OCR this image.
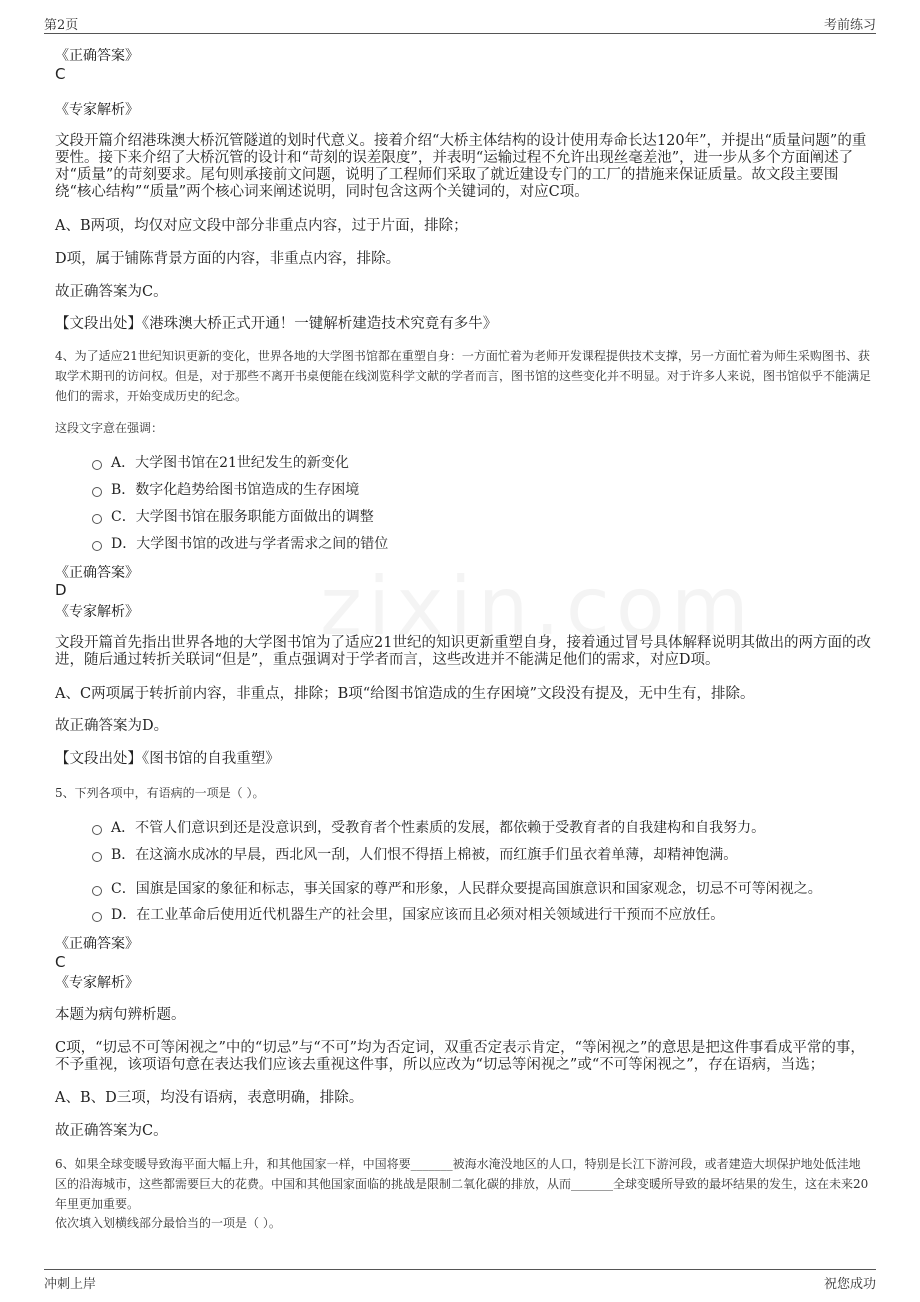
第2页	考前练习
《正确答案》
C
《专家解析》
文段开篇介绍港珠澳大桥沉管隧道的划时代意义。接着介绍“大桥主体结构的设计使用寿命长达120年”，并提出“质量问题”的重要性。接下来介绍了大桥沉管的设计和“苛刻的误差限度”，并表明“运输过程不允许出现丝毫差池”，进一步从多个方面阐述了对“质量”的苛刻要求。尾句则承接前文问题，说明了工程师们采取了就近建设专门的工厂的措施来保证质量。故文段主要围绕“核心结构”“质量”两个核心词来阐述说明，同时包含这两个关键词的，对应C项。
A、B两项，均仅对应文段中部分非重点内容，过于片面，排除；
D项，属于铺陈背景方面的内容，非重点内容，排除。
故正确答案为C。
【文段出处】《港珠澳大桥正式开通！一键解析建造技术究竟有多牛》
4、为了适应21世纪知识更新的变化，世界各地的大学图书馆都在重塑自身：一方面忙着为老师开发课程提供技术支撑，另一方面忙着为师生采购图书、获取学术期刊的访问权。但是，对于那些不离开书桌便能在线浏览科学文献的学者而言，图书馆的这些变化并不明显。对于许多人来说，图书馆似乎不能满足他们的需求，开始变成历史的纪念。
这段文字意在强调：
A．大学图书馆在21世纪发生的新变化
B．数字化趋势给图书馆造成的生存困境
C．大学图书馆在服务职能方面做出的调整
D．大学图书馆的改进与学者需求之间的错位
《正确答案》
D
《专家解析》
文段开篇首先指出世界各地的大学图书馆为了适应21世纪的知识更新重塑自身，接着通过冒号具体解释说明其做出的两方面的改进，随后通过转折关联词“但是”，重点强调对于学者而言，这些改进并不能满足他们的需求，对应D项。
A、C两项属于转折前内容，非重点，排除；B项“给图书馆造成的生存困境”文段没有提及，无中生有，排除。
故正确答案为D。
【文段出处】《图书馆的自我重塑》
5、下列各项中，有语病的一项是（ ）。
A．不管人们意识到还是没意识到，受教育者个性素质的发展，都依赖于受教育者的自我建构和自我努力。
B．在这滴水成冰的早晨，西北风一刮，人们恨不得捂上棉被，而红旗手们虽衣着单薄，却精神饱满。
C．国旗是国家的象征和标志，事关国家的尊严和形象，人民群众要提高国旗意识和国家观念，切忌不可等闲视之。
D．在工业革命后使用近代机器生产的社会里，国家应该而且必须对相关领域进行干预而不应放任。
《正确答案》
C
《专家解析》
本题为病句辨析题。
C项，“切忌不可等闲视之”中的“切忌”与“不可”均为否定词，双重否定表示肯定，“等闲视之”的意思是把这件事看成平常的事，不予重视，该项语句意在表达我们应该去重视这件事，所以应改为“切忌等闲视之”或“不可等闲视之”，存在语病，当选；
A、B、D三项，均没有语病，表意明确，排除。
故正确答案为C。
6、如果全球变暖导致海平面大幅上升，和其他国家一样，中国将要_______被海水淹没地区的人口，特别是长江下游河段，或者建造大坝保护地处低洼地区的沿海城市，这些都需要巨大的花费。中国和其他国家面临的挑战是限制二氧化碳的排放，从而_______全球变暖所导致的最坏结果的发生，这在未来20年里更加重要。
依次填入划横线部分最恰当的一项是（ ）。
冲刺上岸	祝您成功
